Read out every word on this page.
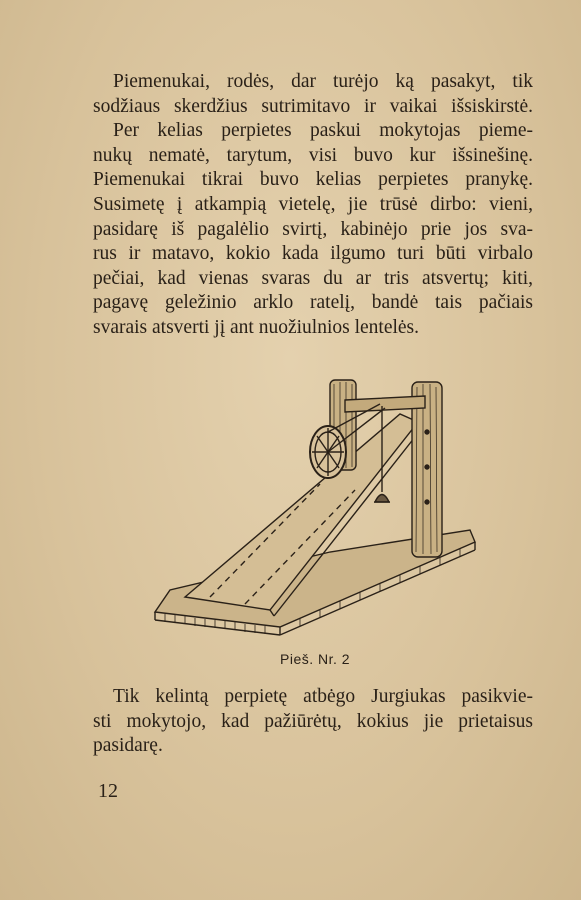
Piemenukai, rodės, dar turėjo ką pasakyt, tik
sodžiaus skerdžius sutrimitavo ir vaikai išsiskirstė.
Per kelias perpietes paskui mokytojas pieme-
nukų nematė, tarytum, visi buvo kur išsinešinę.
Piemenukai tikrai buvo kelias perpietes pranykę.
Susimetę į atkampią vietelę, jie trūsė dirbo: vieni,
pasidarę iš pagalėlio svirtį, kabinėjo prie jos sva-
rus ir matavo, kokio kada ilgumo turi būti virbalo
pečiai, kad vienas svaras du ar tris atsvertų; kiti,
pagavę geležinio arklo ratelį, bandė tais pačiais
svarais atsverti jį ant nuožiulnios lentelės.
Pieš. Nr. 2
Tik kelintą perpietę atbėgo Jurgiukas pasikvie-
sti mokytojo, kad pažiūrėtų, kokius jie prietaisus
pasidarę.
12
